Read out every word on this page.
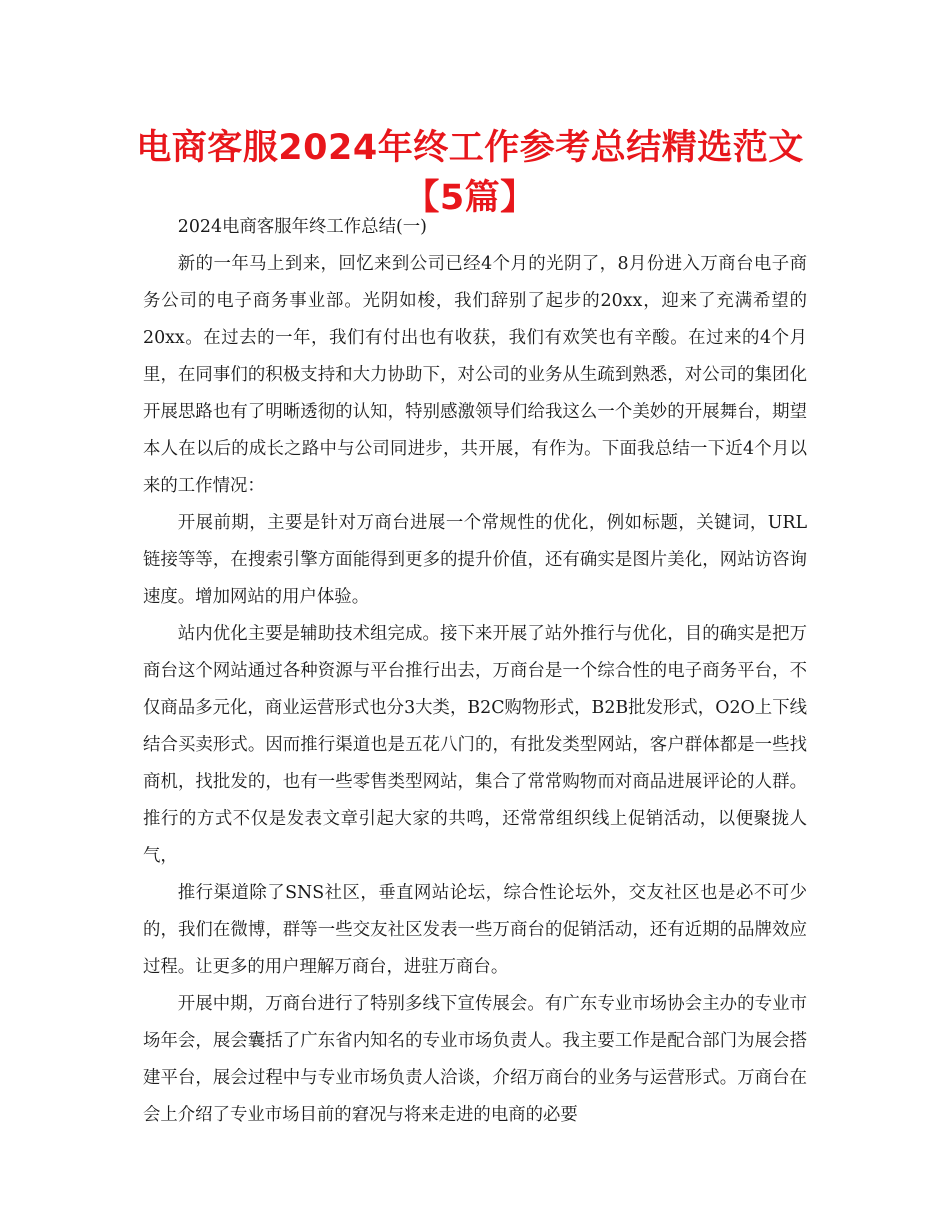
电商客服2024年终工作参考总结精选范文【5篇】

2024电商客服年终工作总结(一)

新的一年马上到来，回忆来到公司已经4个月的光阴了，8月份进入万商台电子商务公司的电子商务事业部。光阴如梭，我们辞别了起步的20xx，迎来了充满希望的20xx。在过去的一年，我们有付出也有收获，我们有欢笑也有辛酸。在过来的4个月里，在同事们的积极支持和大力协助下，对公司的业务从生疏到熟悉，对公司的集团化开展思路也有了明晰透彻的认知，特别感激领导们给我这么一个美妙的开展舞台，期望本人在以后的成长之路中与公司同进步，共开展，有作为。下面我总结一下近4个月以来的工作情况：

开展前期，主要是针对万商台进展一个常规性的优化，例如标题，关键词，URL链接等等，在搜索引擎方面能得到更多的提升价值，还有确实是图片美化，网站访咨询速度。增加网站的用户体验。

站内优化主要是辅助技术组完成。接下来开展了站外推行与优化，目的确实是把万商台这个网站通过各种资源与平台推行出去，万商台是一个综合性的电子商务平台，不仅商品多元化，商业运营形式也分3大类，B2C购物形式，B2B批发形式，O2O上下线结合买卖形式。因而推行渠道也是五花八门的，有批发类型网站，客户群体都是一些找商机，找批发的，也有一些零售类型网站，集合了常常购物而对商品进展评论的人群。推行的方式不仅是发表文章引起大家的共鸣，还常常组织线上促销活动，以便聚拢人气，

推行渠道除了SNS社区，垂直网站论坛，综合性论坛外，交友社区也是必不可少的，我们在微博，群等一些交友社区发表一些万商台的促销活动，还有近期的品牌效应过程。让更多的用户理解万商台，进驻万商台。

开展中期，万商台进行了特别多线下宣传展会。有广东专业市场协会主办的专业市场年会，展会囊括了广东省内知名的专业市场负责人。我主要工作是配合部门为展会搭建平台，展会过程中与专业市场负责人洽谈，介绍万商台的业务与运营形式。万商台在会上介绍了专业市场目前的窘况与将来走进的电商的必要
